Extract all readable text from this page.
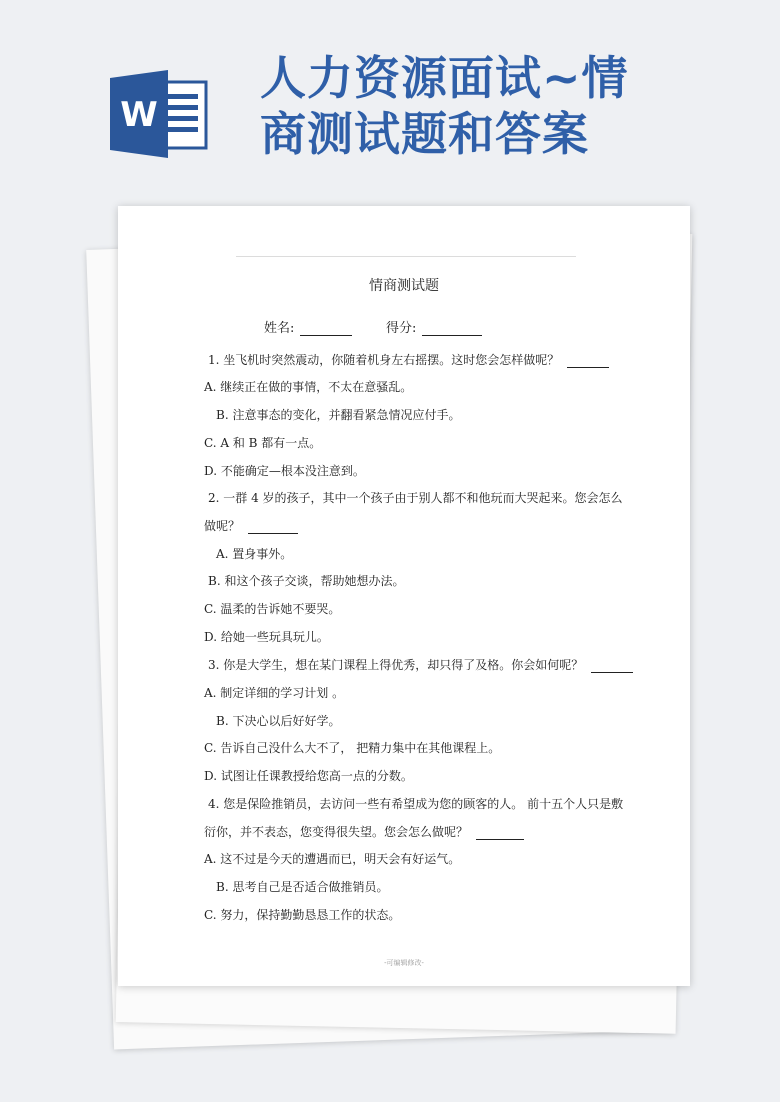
W
人力资源面试~情
商测试题和答案
情商测试题
姓名:	得分:
1. 坐飞机时突然震动，你随着机身左右摇摆。这时您会怎样做呢？
A. 继续正在做的事情，不太在意骚乱。
B. 注意事态的变化，并翻看紧急情况应付手。
C. A 和 B 都有一点。
D. 不能确定—根本没注意到。
2. 一群 4 岁的孩子，其中一个孩子由于别人都不和他玩而大哭起来。您会怎么
做呢？
A. 置身事外。
B. 和这个孩子交谈，帮助她想办法。
C. 温柔的告诉她不要哭。
D. 给她一些玩具玩儿。
3. 你是大学生，想在某门课程上得优秀，却只得了及格。你会如何呢？
A. 制定详细的学习计划 。
B. 下决心以后好好学。
C. 告诉自己没什么大不了， 把精力集中在其他课程上。
D. 试图让任课教授给您高一点的分数。
4. 您是保险推销员，去访问一些有希望成为您的顾客的人。 前十五个人只是敷
衍你，并不表态，您变得很失望。您会怎么做呢？
A. 这不过是今天的遭遇而已，明天会有好运气。
B. 思考自己是否适合做推销员。
C. 努力，保持勤勤恳恳工作的状态。
-可编辑修改-
